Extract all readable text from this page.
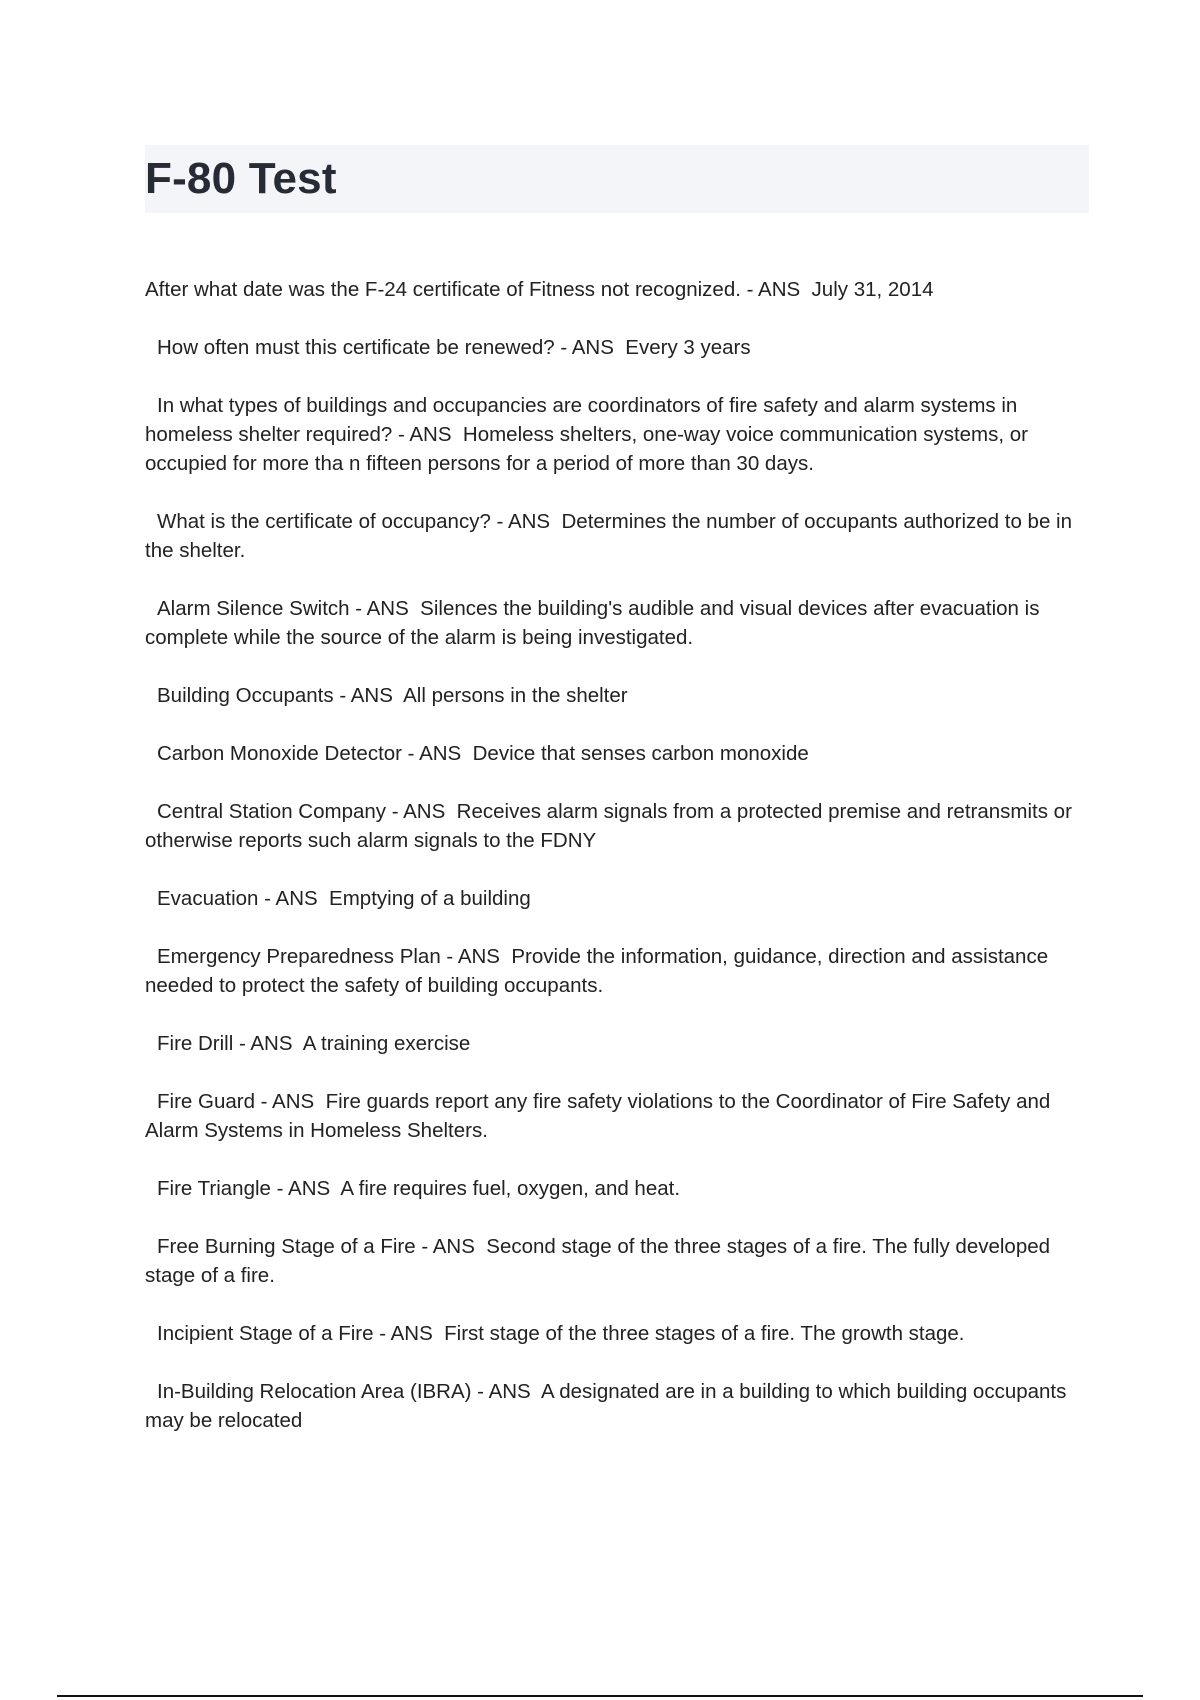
F-80 Test

After what date was the F-24 certificate of Fitness not recognized. - ANS  July 31, 2014

How often must this certificate be renewed? - ANS  Every 3 years

In what types of buildings and occupancies are coordinators of fire safety and alarm systems in homeless shelter required? - ANS  Homeless shelters, one-way voice communication systems, or occupied for more tha n fifteen persons for a period of more than 30 days.

What is the certificate of occupancy? - ANS  Determines the number of occupants authorized to be in the shelter.

Alarm Silence Switch - ANS  Silences the building's audible and visual devices after evacuation is complete while the source of the alarm is being investigated.

Building Occupants - ANS  All persons in the shelter

Carbon Monoxide Detector - ANS  Device that senses carbon monoxide

Central Station Company - ANS  Receives alarm signals from a protected premise and retransmits or otherwise reports such alarm signals to the FDNY

Evacuation - ANS  Emptying of a building

Emergency Preparedness Plan - ANS  Provide the information, guidance, direction and assistance needed to protect the safety of building occupants.

Fire Drill - ANS  A training exercise

Fire Guard - ANS  Fire guards report any fire safety violations to the Coordinator of Fire Safety and Alarm Systems in Homeless Shelters.

Fire Triangle - ANS  A fire requires fuel, oxygen, and heat.

Free Burning Stage of a Fire - ANS  Second stage of the three stages of a fire. The fully developed stage of a fire.

Incipient Stage of a Fire - ANS  First stage of the three stages of a fire. The growth stage.

In-Building Relocation Area (IBRA) - ANS  A designated are in a building to which building occupants may be relocated
